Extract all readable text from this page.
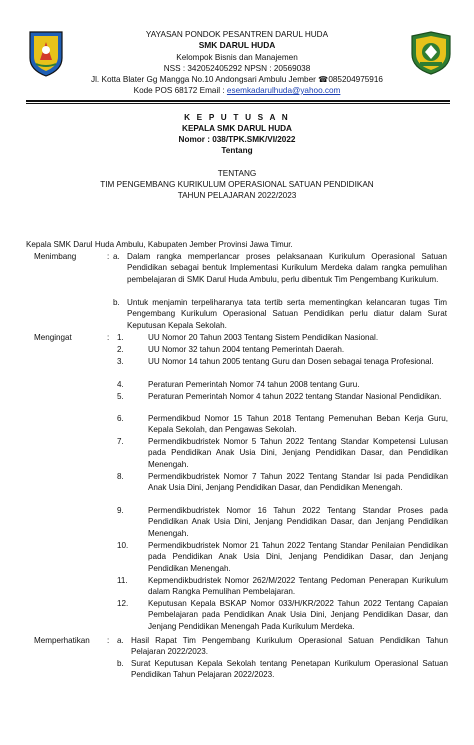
YAYASAN PONDOK PESANTREN DARUL HUDA
SMK DARUL HUDA
Kelompok Bisnis dan Manajemen
NSS : 342052405292 NPSN : 20569038
Jl. Kotta Blater Gg Mangga No.10 Andongsari Ambulu Jember ☎085204975916
Kode POS 68172 Email : esemkadarulhuda@yahoo.com
K E P U T U S A N
KEPALA SMK DARUL HUDA
Nomor : 038/TPK.SMK/VI/2022
Tentang
TENTANG
TIM PENGEMBANG KURIKULUM OPERASIONAL SATUAN PENDIDIKAN
TAHUN PELAJARAN 2022/2023
Kepala SMK Darul Huda Ambulu, Kabupaten Jember Provinsi Jawa Timur.
Menimbang	: a. Dalam rangka memperlancar proses pelaksanaan Kurikulum Operasional Satuan Pendidikan sebagai bentuk Implementasi Kurikulum Merdeka dalam rangka pemulihan pembelajaran di SMK Darul Huda Ambulu, perlu dibentuk Tim Pengembang Kurikulum.
b. Untuk menjamin terpeliharanya tata tertib serta mementingkan kelancaran tugas Tim Pengembang Kurikulum Operasional Satuan Pendidikan perlu diatur dalam Surat Keputusan Kepala Sekolah.
Mengingat	: 1.	UU Nomor 20 Tahun 2003 Tentang Sistem Pendidikan Nasional.
2.	UU Nomor 32 tahun 2004 tentang Pemerintah Daerah.
3.	UU Nomor 14 tahun 2005 tentang Guru dan Dosen sebagai tenaga Profesional.
4.	Peraturan Pemerintah Nomor 74 tahun 2008 tentang Guru.
5.	Peraturan Pemerintah Nomor 4 tahun 2022 tentang Standar Nasional Pendidikan.
6.	Permendikbud Nomor 15 Tahun 2018 Tentang Pemenuhan Beban Kerja Guru, Kepala Sekolah, dan Pengawas Sekolah.
7.	Permendikbudristek Nomor 5 Tahun 2022 Tentang Standar Kompetensi Lulusan pada Pendidikan Anak Usia Dini, Jenjang Pendidikan Dasar, dan Pendidikan Menengah.
8.	Permendikbudristek Nomor 7 Tahun 2022 Tentang Standar Isi pada Pendidikan Anak Usia Dini, Jenjang Pendidikan Dasar, dan Pendidikan Menengah.
9.	Permendikbudristek Nomor 16 Tahun 2022 Tentang Standar Proses pada Pendidikan Anak Usia Dini, Jenjang Pendidikan Dasar, dan Jenjang Pendidikan Menengah.
10. Permendikbudristek Nomor 21 Tahun 2022 Tentang Standar Penilaian Pendidikan pada Pendidikan Anak Usia Dini, Jenjang Pendidikan Dasar, dan Jenjang Pendidikan Menengah.
11.	Kepmendikbudristek Nomor 262/M/2022 Tentang Pedoman Penerapan Kurikulum dalam Rangka Pemulihan Pembelajaran.
12. Keputusan Kepala BSKAP Nomor 033/H/KR/2022 Tahun 2022 Tentang Capaian Pembelajaran pada Pendidikan Anak Usia Dini, Jenjang Pendidikan Dasar, dan Jenjang Pendidikan Menengah Pada Kurikulum Merdeka.
Memperhatikan : a. Hasil Rapat Tim Pengembang Kurikulum Operasional Satuan Pendidikan Tahun Pelajaran 2022/2023.
b. Surat Keputusan Kepala Sekolah tentang Penetapan Kurikulum Operasional Satuan Pendidikan Tahun Pelajaran 2022/2023.
